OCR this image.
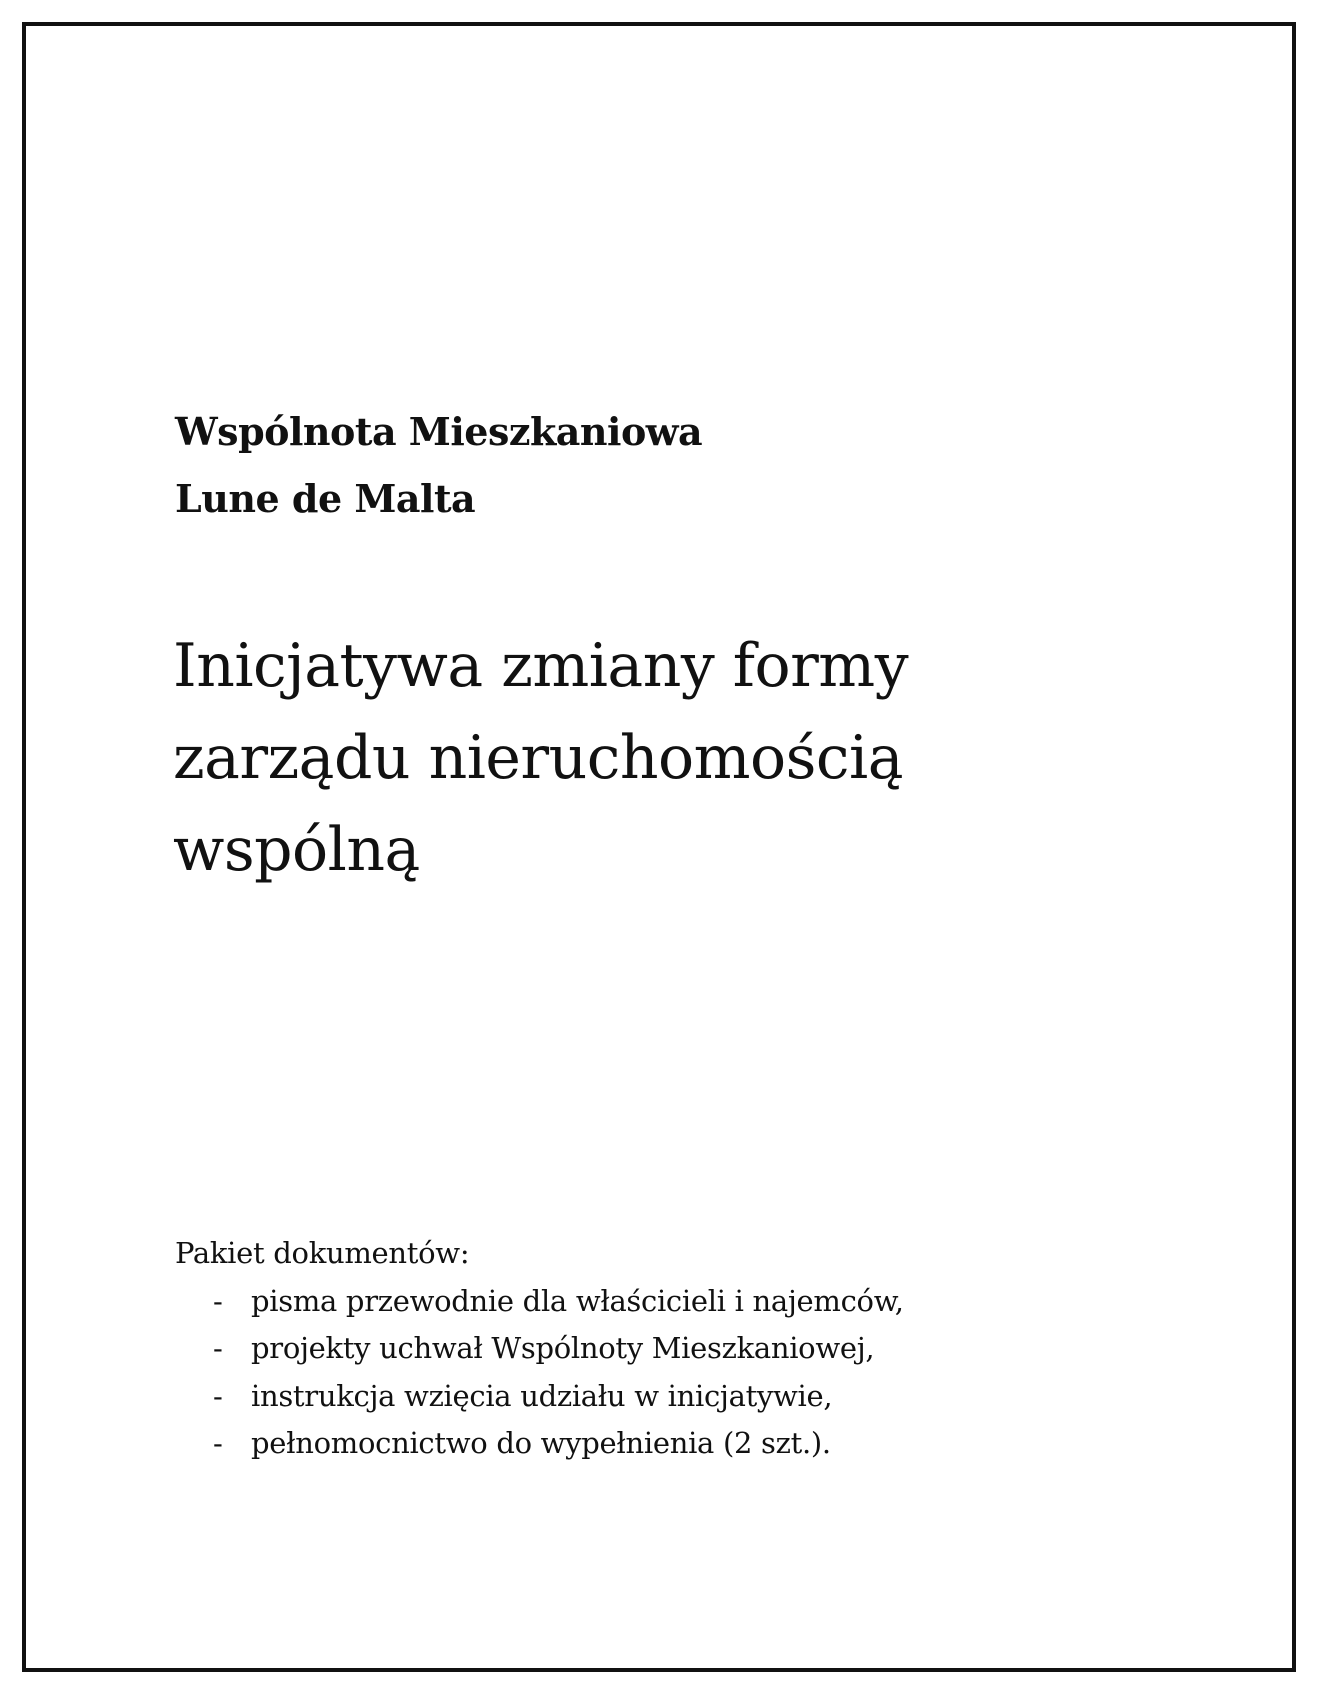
Wspólnota Mieszkaniowa
Lune de Malta
Inicjatywa zmiany formy
zarządu nieruchomością
wspólną
Pakiet dokumentów:
- pisma przewodnie dla właścicieli i najemców,
- projekty uchwał Wspólnoty Mieszkaniowej,
- instrukcja wzięcia udziału w inicjatywie,
- pełnomocnictwo do wypełnienia (2 szt.).
